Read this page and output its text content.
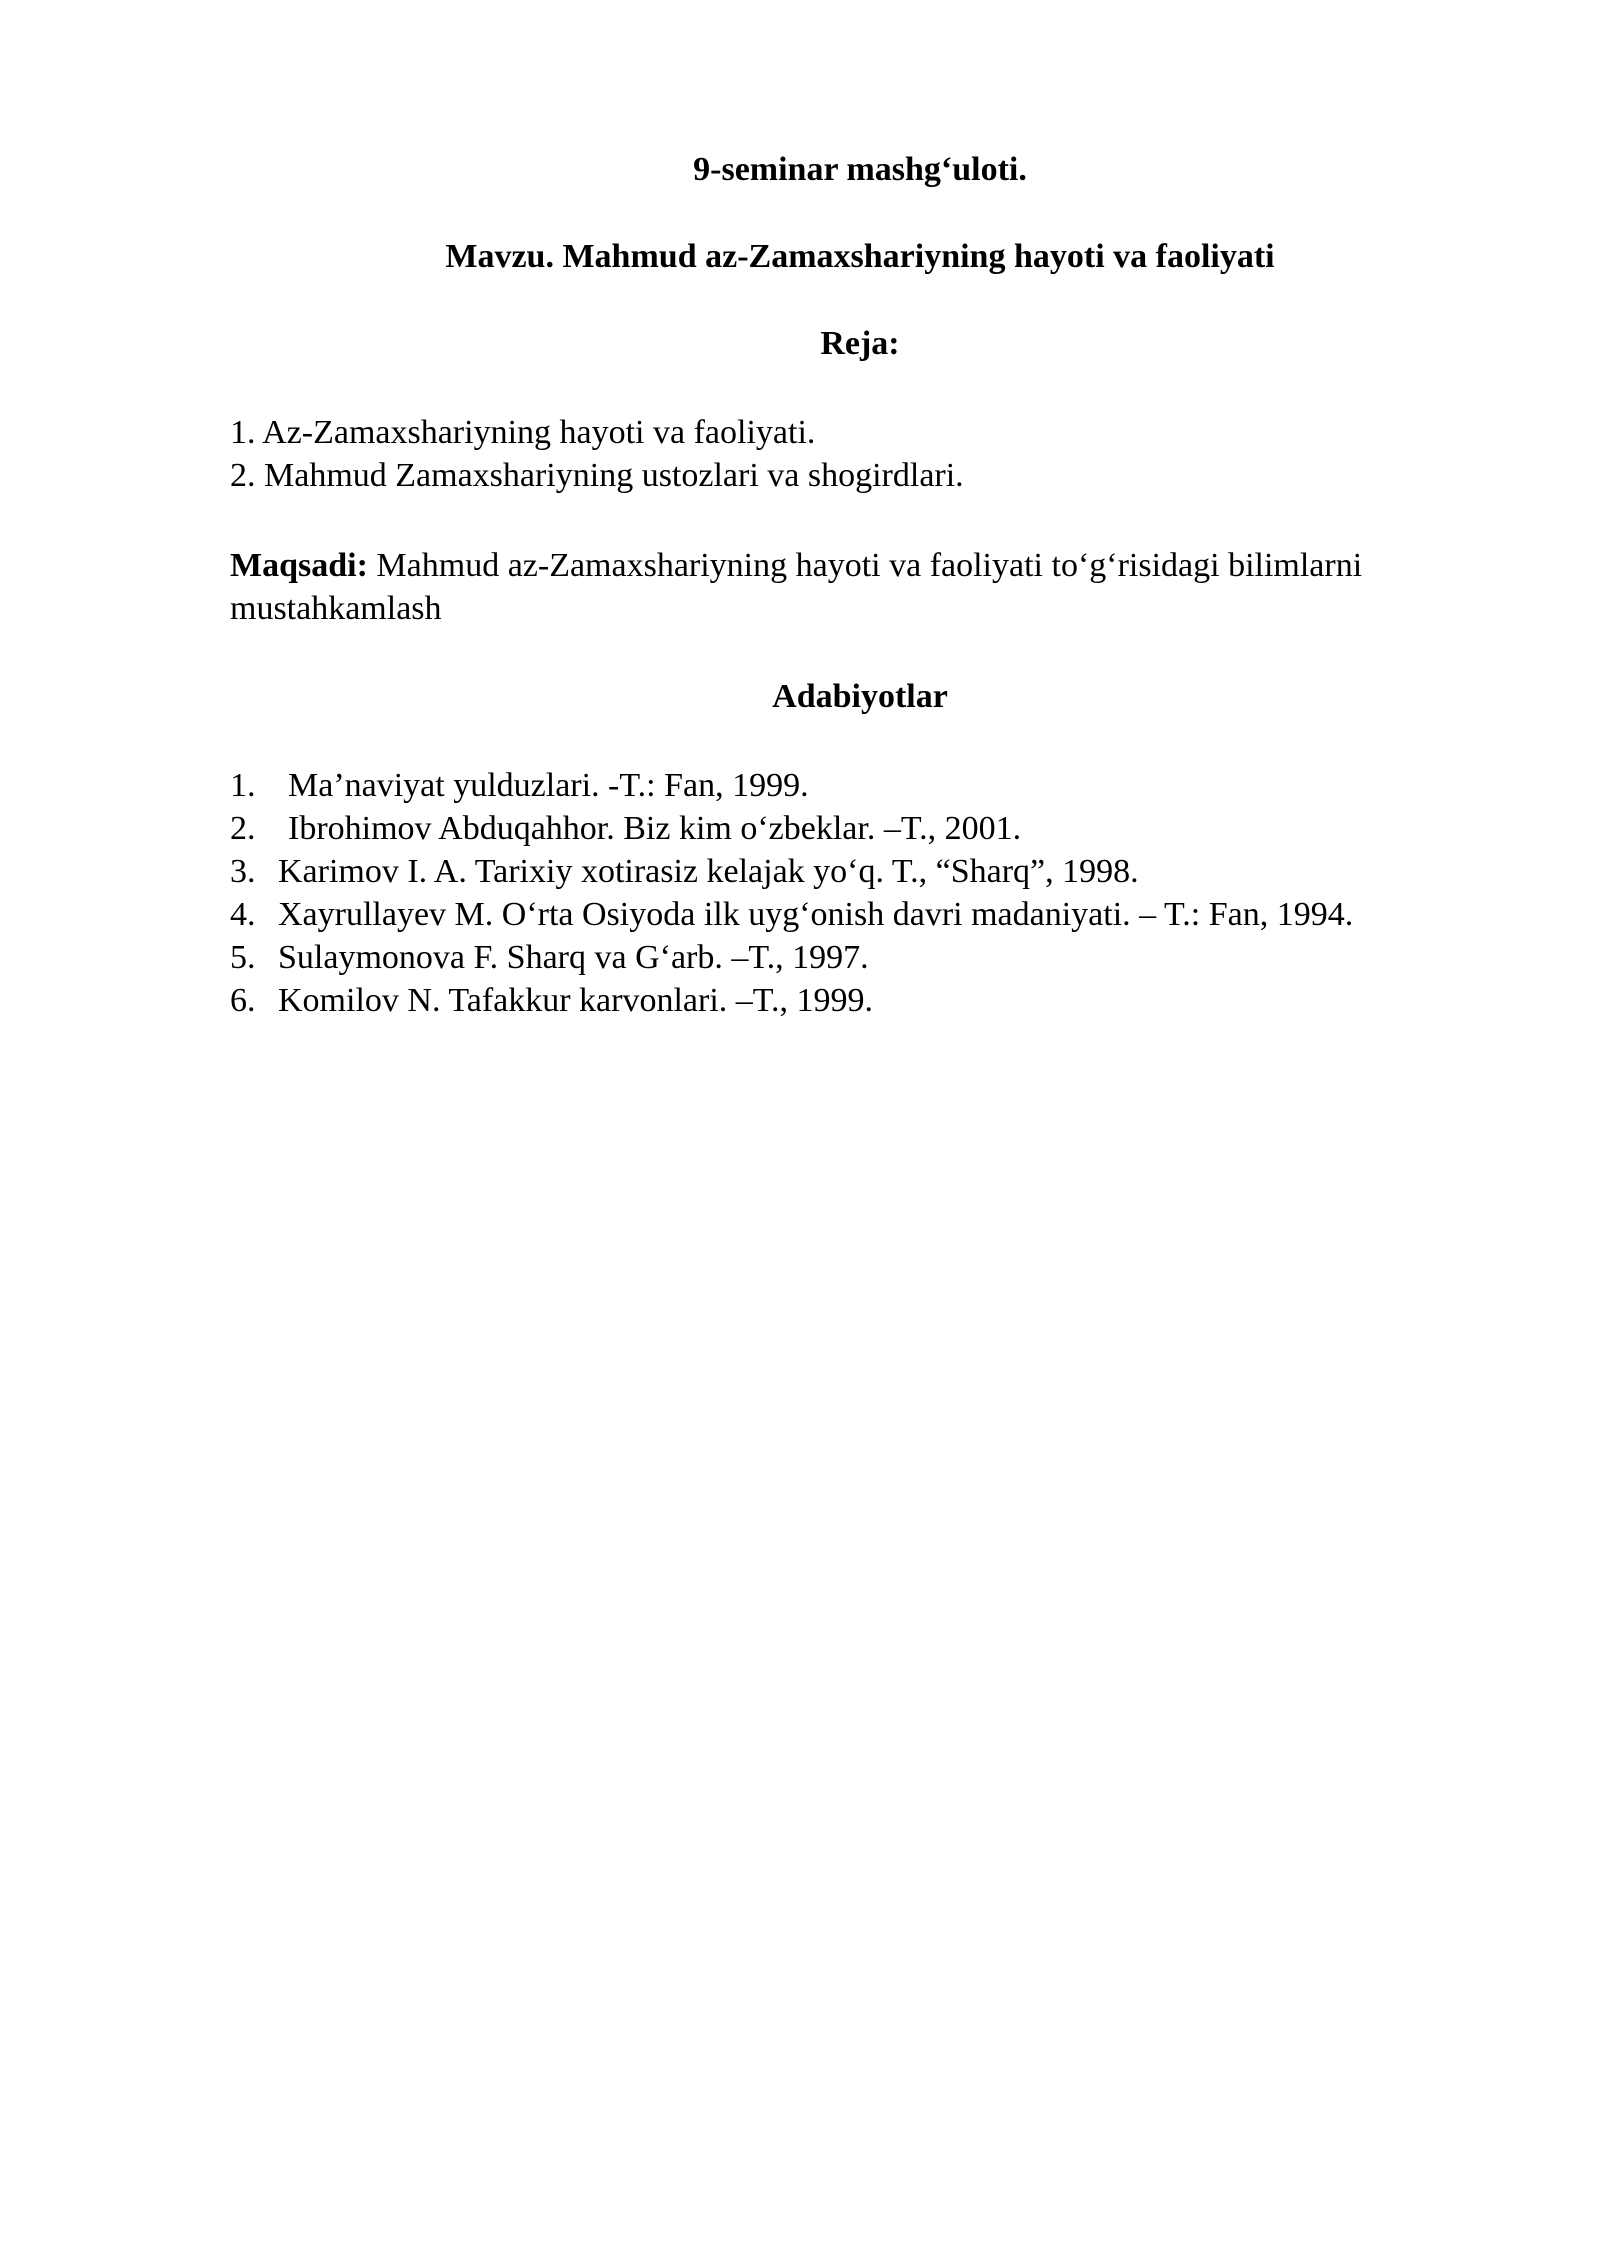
9-seminar mashg‘uloti.

Mavzu. Mahmud az-Zamaxshariyning hayoti va faoliyati

Reja:

1. Az-Zamaxshariyning hayoti va faoliyati.
2. Mahmud Zamaxshariyning ustozlari va shogirdlari.

Maqsadi: Mahmud az-Zamaxshariyning hayoti va faoliyati to‘g‘risidagi bilimlarni mustahkamlash

Adabiyotlar

1. Ma’naviyat yulduzlari. -T.: Fan, 1999.
2. Ibrohimov Abduqahhor. Biz kim o‘zbeklar. –T., 2001.
3. Karimov I. A. Tarixiy xotirasiz kelajak yo‘q. T., “Sharq”, 1998.
4. Xayrullayev M. O‘rta Osiyoda ilk uyg‘onish davri madaniyati. – T.: Fan, 1994.
5. Sulaymonova F. Sharq va G‘arb. –T., 1997.
6. Komilov N. Tafakkur karvonlari. –T., 1999.
